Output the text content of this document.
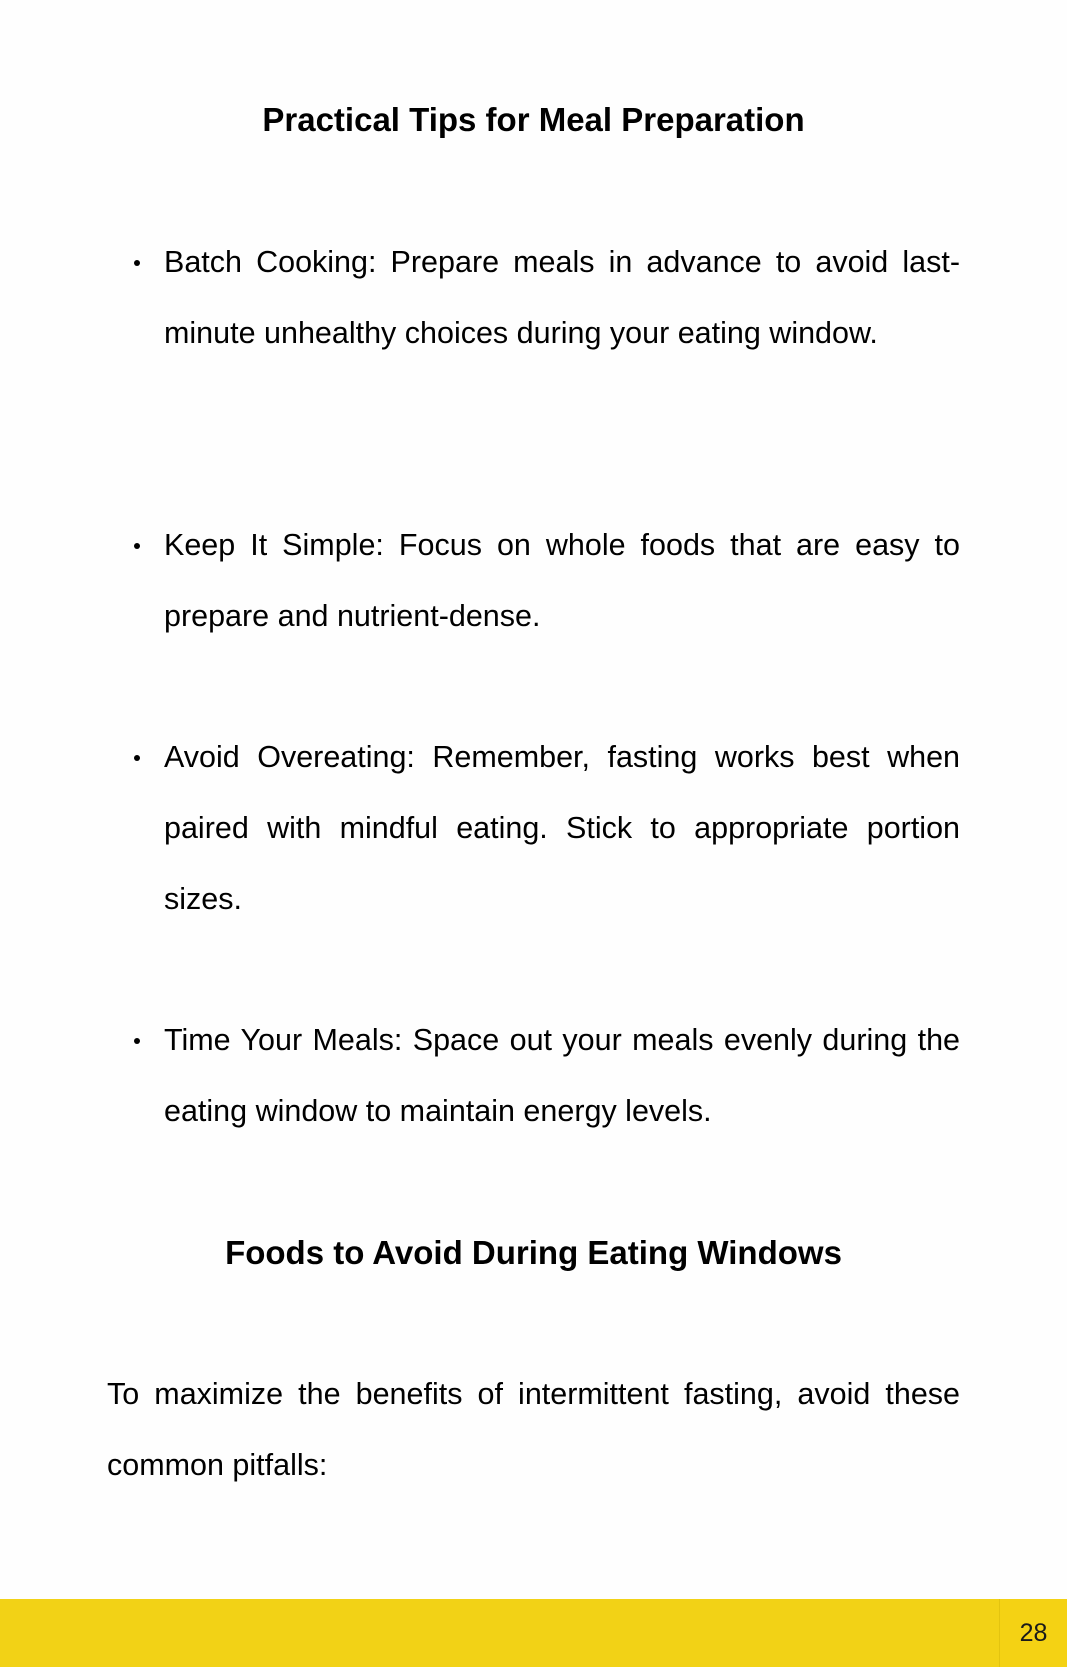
Practical Tips for Meal Preparation
Batch Cooking: Prepare meals in advance to avoid last-minute unhealthy choices during your eating window.
Keep It Simple: Focus on whole foods that are easy to prepare and nutrient-dense.
Avoid Overeating: Remember, fasting works best when paired with mindful eating. Stick to appropriate portion sizes.
Time Your Meals: Space out your meals evenly during the eating window to maintain energy levels.
Foods to Avoid During Eating Windows

To maximize the benefits of intermittent fasting, avoid these common pitfalls:

28
